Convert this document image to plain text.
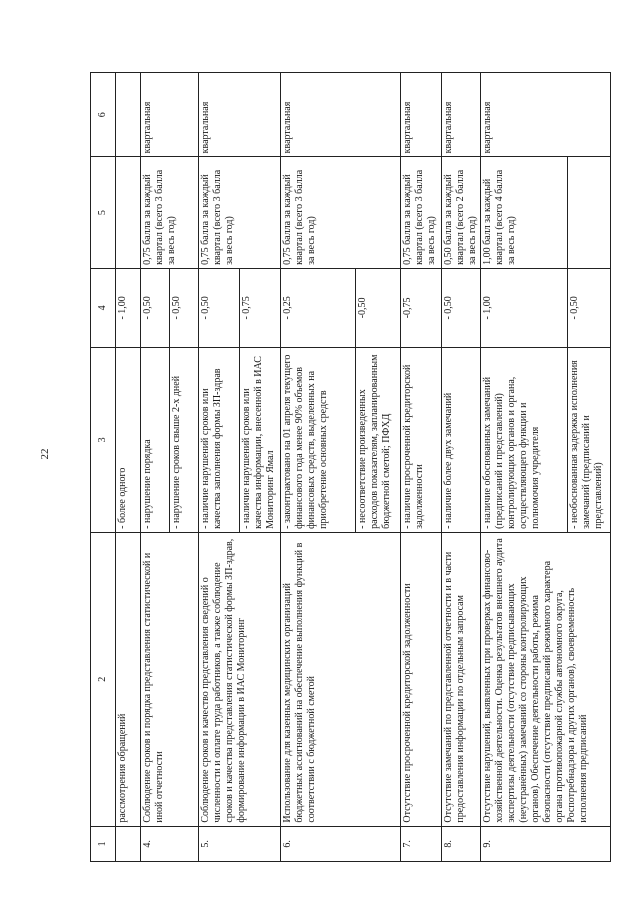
22
1	2	3	4	5	6
	рассмотрения обращений	- более одного	- 1,00		
4.	Соблюдение сроков и порядка представления статистической и иной отчетности	- нарушение порядка	- 0,50	0,75 балла за каждый квартал (всего 3 балла за весь год)	квартальная
		- нарушение сроков свыше 2-х дней	- 0,50		
5.	Соблюдение сроков и качество представления сведений о численности и оплате труда работников, а также соблюдение сроков и качества представления статистической формы ЗП-здрав, формирование информации в ИАС Мониторинг	- наличие нарушений сроков или качества заполнения формы ЗП-здрав	- 0,50	0,75 балла за каждый квартал (всего 3 балла за весь год)	квартальная
		- наличие нарушений сроков или качества информации, внесенной в ИАС Мониторинг Ямал	- 0,75		
6.	Использование для казенных медицинских организаций бюджетных ассигнований на обеспечение выполнения функций в соответствии с бюджетной сметой	- законтрактовано на 01 апреля текущего финансового года менее 90% объемов финансовых средств, выделенных на приобретение основных средств	- 0,25	0,75 балла за каждый квартал (всего 3 балла за весь год)	квартальная
		- несоответствие произведенных расходов показателям, запланированным бюджетной сметой; ПФХД	-0,50		
7.	Отсутствие просроченной кредиторской задолженности	- наличие просроченной кредиторской задолженности	-0,75	0,75 балла за каждый квартал (всего 3 балла за весь год)	квартальная
8.	Отсутствие замечаний по представленной отчетности и в части предоставления информации по отдельным запросам	- наличие более двух замечаний	- 0,50	0,50 балла за каждый квартал (всего 2 балла за весь год)	квартальная
9.	Отсутствие нарушений, выявленных при проверках финансово-хозяйственной деятельности. Оценка результатов внешнего аудита экспертизы деятельности (отсутствие предписывающих (неустранённых) замечаний со стороны контролирующих органов). Обеспечение деятельности работы, режима безопасности (отсутствие предписаний режимного характера органа противопожарной службы автономного округа, Роспотребнадзора и других органов), своевременность исполнения предписаний	- наличие обоснованных замечаний (предписаний и представлений) контролирующих органов и органа, осуществляющего функции и полномочия учредителя	- 1,00	1,00 балл за каждый квартал (всего 4 балла за весь год)	квартальная
		- необоснованная задержка исполнения замечаний (предписаний и представлений)	- 0,50		
